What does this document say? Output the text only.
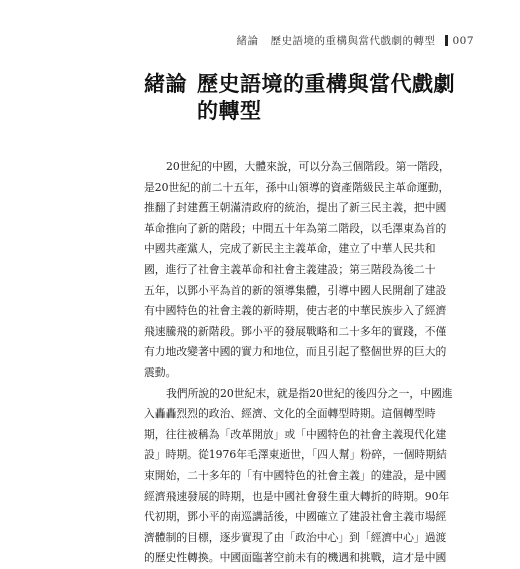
緒論 歷史語境的重構與當代戲劇的轉型 007
緒論 歷史語境的重構與當代戲劇
的轉型

20世紀的中國，大體來說，可以分為三個階段。第一階段，

是20世紀的前二十五年，孫中山領導的資產階級民主革命運動，

推翻了封建舊王朝滿清政府的統治，提出了新三民主義，把中國

革命推向了新的階段；中間五十年為第二階段，以毛澤東為首的

中國共產黨人，完成了新民主主義革命，建立了中華人民共和

國，進行了社會主義革命和社會主義建設；第三階段為後二十

五年，以鄧小平為首的新的領導集體，引導中國人民開創了建設

有中國特色的社會主義的新時期，使古老的中華民族步入了經濟

飛速騰飛的新階段。鄧小平的發展戰略和二十多年的實踐，不僅

有力地改變著中國的實力和地位，而且引起了整個世界的巨大的

震動。

我們所說的20世紀末，就是指20世紀的後四分之一，中國進

入轟轟烈烈的政治、經濟、文化的全面轉型時期。這個轉型時

期，往往被稱為「改革開放」或「中國特色的社會主義現代化建

設」時期。從1976年毛澤東逝世，「四人幫」粉碎，一個時期結

束開始，二十多年的「有中國特色的社會主義」的建設，是中國

經濟飛速發展的時期，也是中國社會發生重大轉折的時期。90年

代初期，鄧小平的南巡講話後，中國確立了建設社會主義市場經

濟體制的目標，逐步實現了由「政治中心」到「經濟中心」過渡

的歷史性轉換。中國面臨著空前未有的機遇和挑戰，這才是中國
